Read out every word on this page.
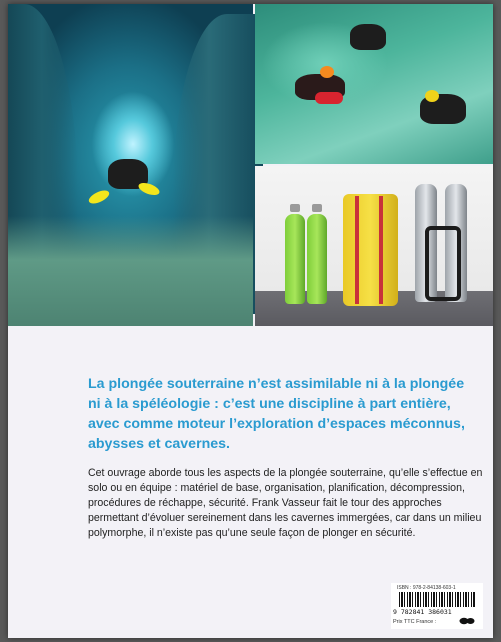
La plongée souterraine n’est assimilable ni à la plongée ni à la spéléologie : c’est une discipline à part entière, avec comme moteur l’exploration d’espaces méconnus, abysses et cavernes.

Cet ouvrage aborde tous les aspects de la plongée souterraine, qu’elle s’effectue en solo ou en équipe : matériel de base, organisation, planification, décompression, procédures de réchappe, sécurité. Frank Vasseur fait le tour des approches permettant d’évoluer sereinement dans les cavernes immergées, car dans un milieu polymorphe, il n’existe pas qu’une seule façon de plonger en sécurité.

ISBN : 978-2-84138-603-1
9 782841 386031
Prix TTC France :
